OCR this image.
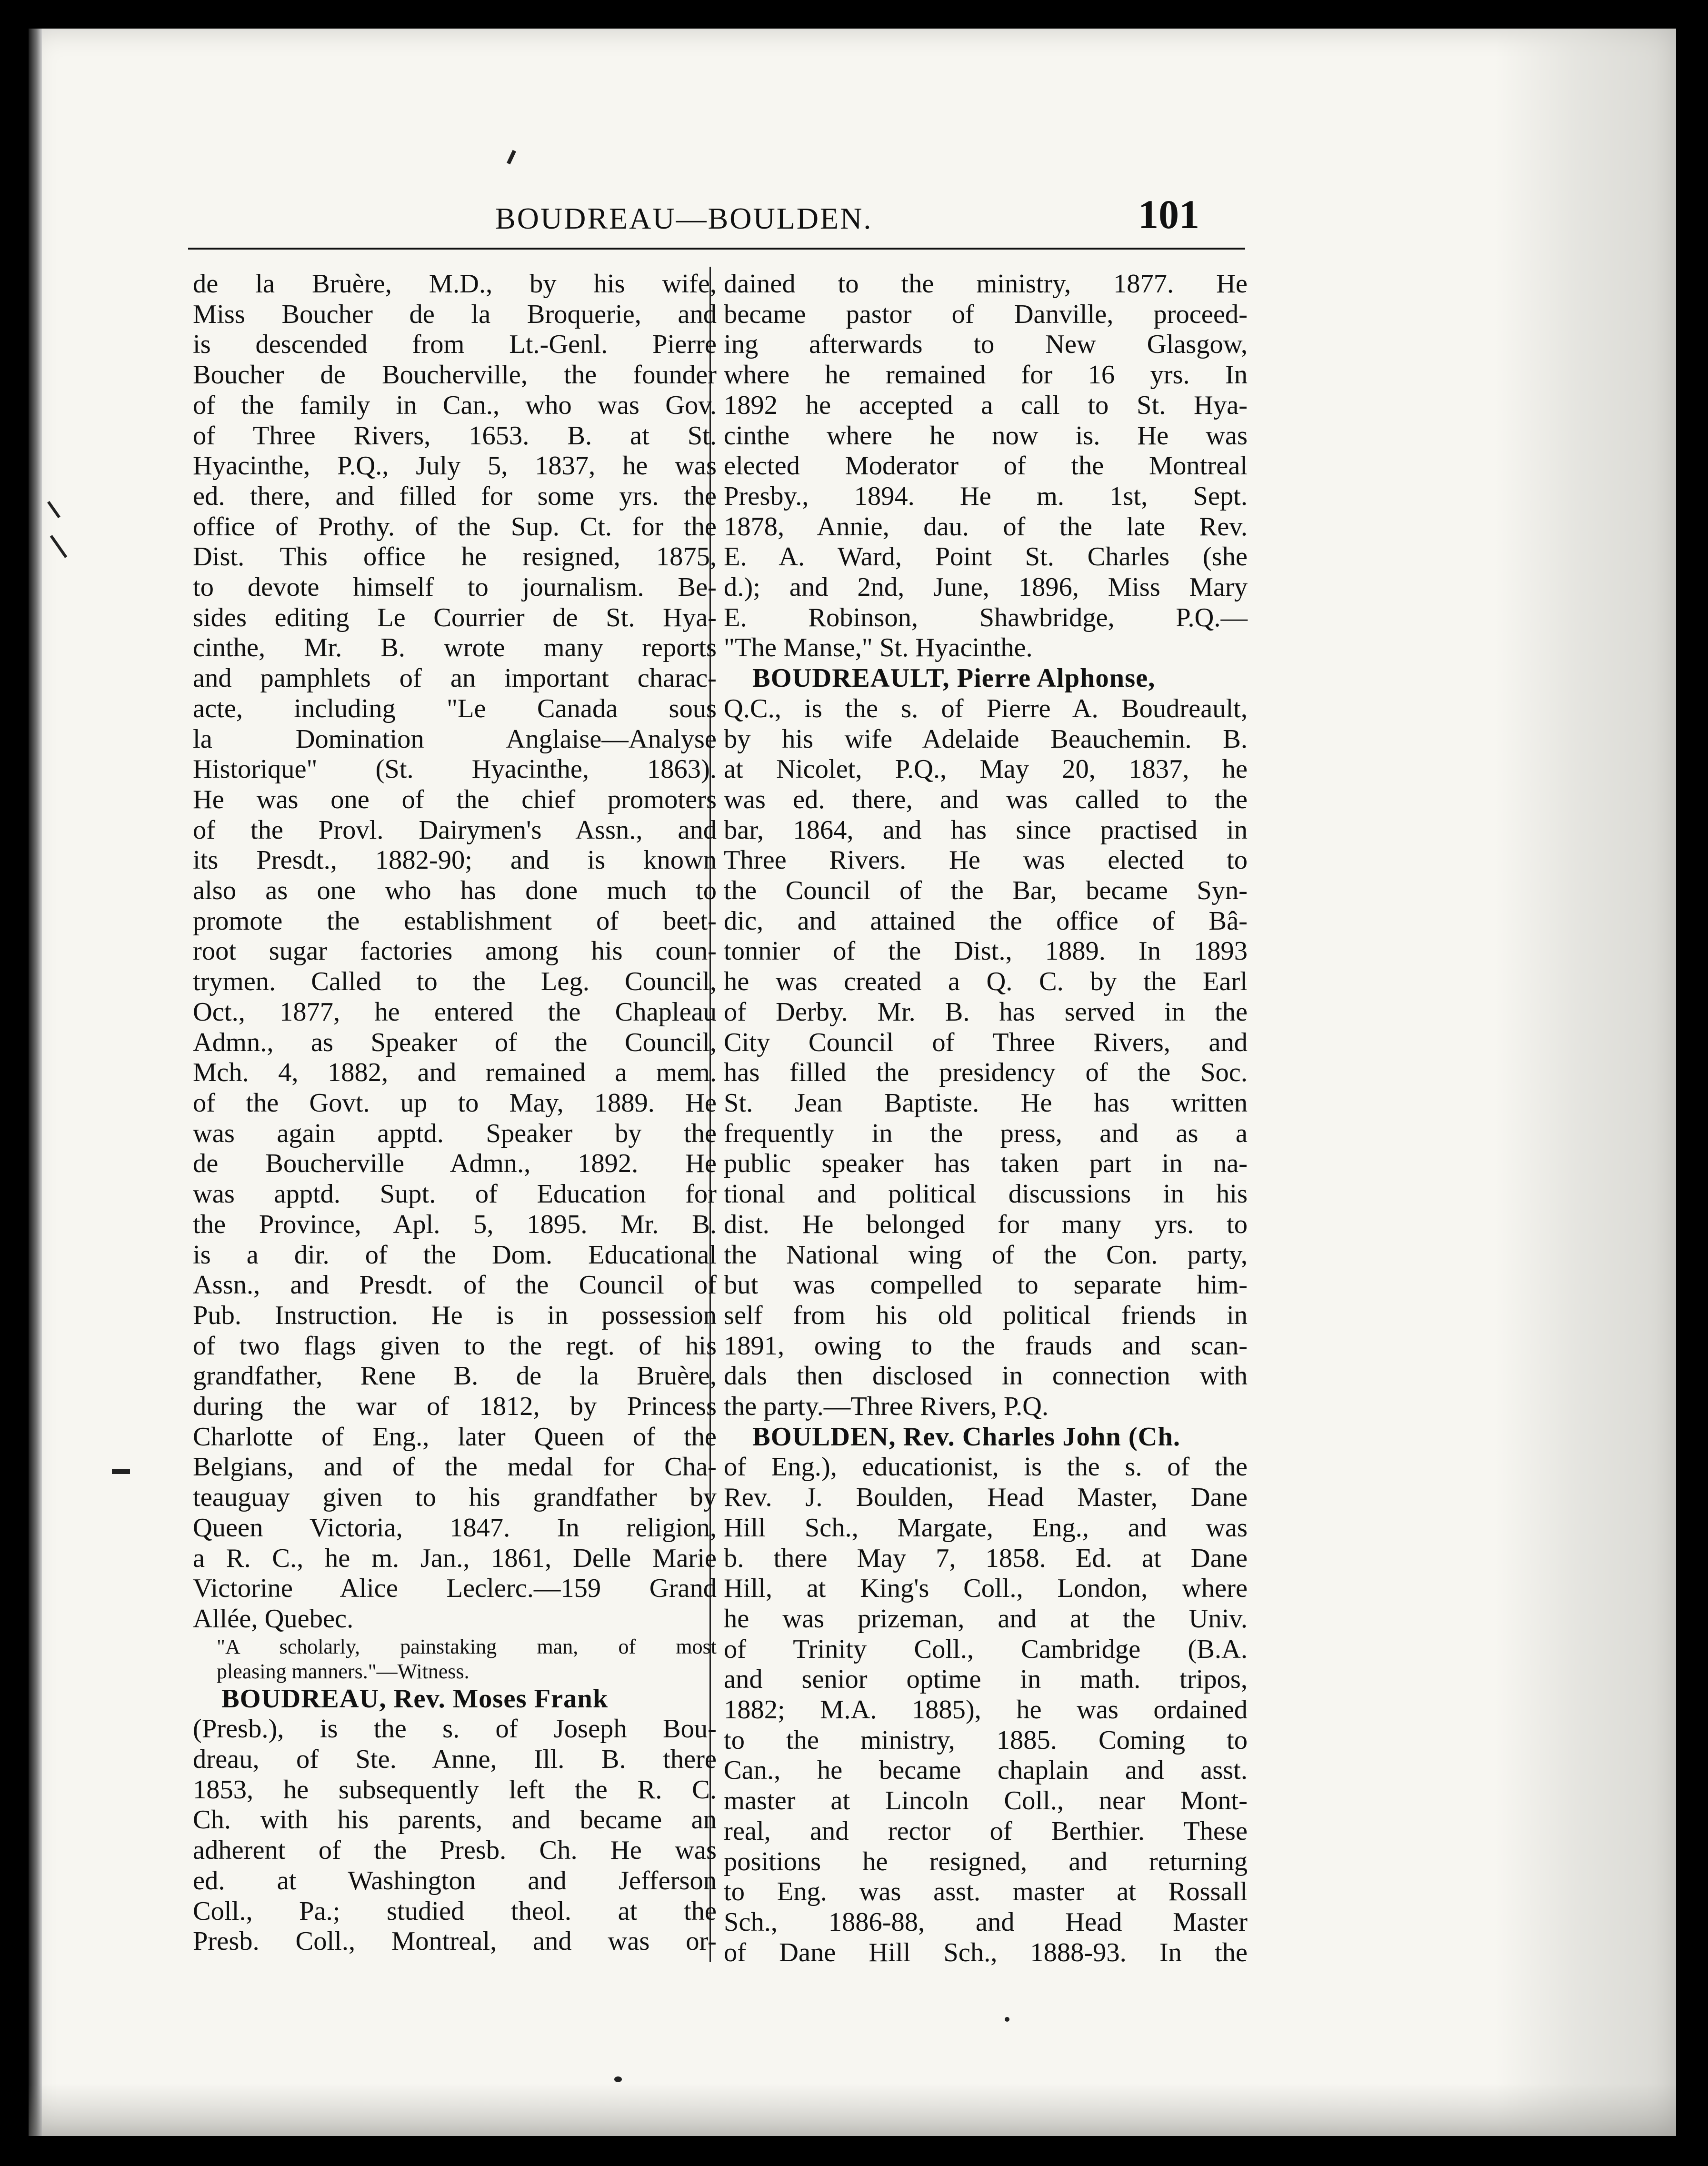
BOUDREAU—BOULDEN.	101
de la Bruère, M.D., by his wife,
Miss Boucher de la Broquerie, and
is descended from Lt.-Genl. Pierre
Boucher de Boucherville, the founder
of the family in Can., who was Gov.
of Three Rivers, 1653. B. at St.
Hyacinthe, P.Q., July 5, 1837, he was
ed. there, and filled for some yrs. the
office of Prothy. of the Sup. Ct. for the
Dist. This office he resigned, 1875,
to devote himself to journalism. Be-
sides editing Le Courrier de St. Hya-
cinthe, Mr. B. wrote many reports
and pamphlets of an important charac-
acte, including "Le Canada sous
la Domination Anglaise—Analyse
Historique" (St. Hyacinthe, 1863).
He was one of the chief promoters
of the Provl. Dairymen's Assn., and
its Presdt., 1882-90; and is known
also as one who has done much to
promote the establishment of beet-
root sugar factories among his coun-
trymen. Called to the Leg. Council,
Oct., 1877, he entered the Chapleau
Admn., as Speaker of the Council,
Mch. 4, 1882, and remained a mem.
of the Govt. up to May, 1889. He
was again apptd. Speaker by the
de Boucherville Admn., 1892. He
was apptd. Supt. of Education for
the Province, Apl. 5, 1895. Mr. B.
is a dir. of the Dom. Educational
Assn., and Presdt. of the Council of
Pub. Instruction. He is in possession
of two flags given to the regt. of his
grandfather, Rene B. de la Bruère,
during the war of 1812, by Princess
Charlotte of Eng., later Queen of the
Belgians, and of the medal for Cha-
teauguay given to his grandfather by
Queen Victoria, 1847. In religion,
a R. C., he m. Jan., 1861, Delle Marie
Victorine Alice Leclerc.—159 Grand
Allée, Quebec.
"A scholarly, painstaking man, of most
pleasing manners."—Witness.
BOUDREAU, Rev. Moses Frank
(Presb.), is the s. of Joseph Bou-
dreau, of Ste. Anne, Ill. B. there
1853, he subsequently left the R. C.
Ch. with his parents, and became an
adherent of the Presb. Ch. He was
ed. at Washington and Jefferson
Coll., Pa.; studied theol. at the
Presb. Coll., Montreal, and was or-
dained to the ministry, 1877. He
became pastor of Danville, proceed-
ing afterwards to New Glasgow,
where he remained for 16 yrs. In
1892 he accepted a call to St. Hya-
cinthe where he now is. He was
elected Moderator of the Montreal
Presby., 1894. He m. 1st, Sept.
1878, Annie, dau. of the late Rev.
E. A. Ward, Point St. Charles (she
d.); and 2nd, June, 1896, Miss Mary
E. Robinson, Shawbridge, P.Q.—
"The Manse," St. Hyacinthe.
BOUDREAULT, Pierre Alphonse,
Q.C., is the s. of Pierre A. Boudreault,
by his wife Adelaide Beauchemin. B.
at Nicolet, P.Q., May 20, 1837, he
was ed. there, and was called to the
bar, 1864, and has since practised in
Three Rivers. He was elected to
the Council of the Bar, became Syn-
dic, and attained the office of Bâ-
tonnier of the Dist., 1889. In 1893
he was created a Q. C. by the Earl
of Derby. Mr. B. has served in the
City Council of Three Rivers, and
has filled the presidency of the Soc.
St. Jean Baptiste. He has written
frequently in the press, and as a
public speaker has taken part in na-
tional and political discussions in his
dist. He belonged for many yrs. to
the National wing of the Con. party,
but was compelled to separate him-
self from his old political friends in
1891, owing to the frauds and scan-
dals then disclosed in connection with
the party.—Three Rivers, P.Q.
BOULDEN, Rev. Charles John (Ch.
of Eng.), educationist, is the s. of the
Rev. J. Boulden, Head Master, Dane
Hill Sch., Margate, Eng., and was
b. there May 7, 1858. Ed. at Dane
Hill, at King's Coll., London, where
he was prizeman, and at the Univ.
of Trinity Coll., Cambridge (B.A.
and senior optime in math. tripos,
1882; M.A. 1885), he was ordained
to the ministry, 1885. Coming to
Can., he became chaplain and asst.
master at Lincoln Coll., near Mont-
real, and rector of Berthier. These
positions he resigned, and returning
to Eng. was asst. master at Rossall
Sch., 1886-88, and Head Master
of Dane Hill Sch., 1888-93. In the
